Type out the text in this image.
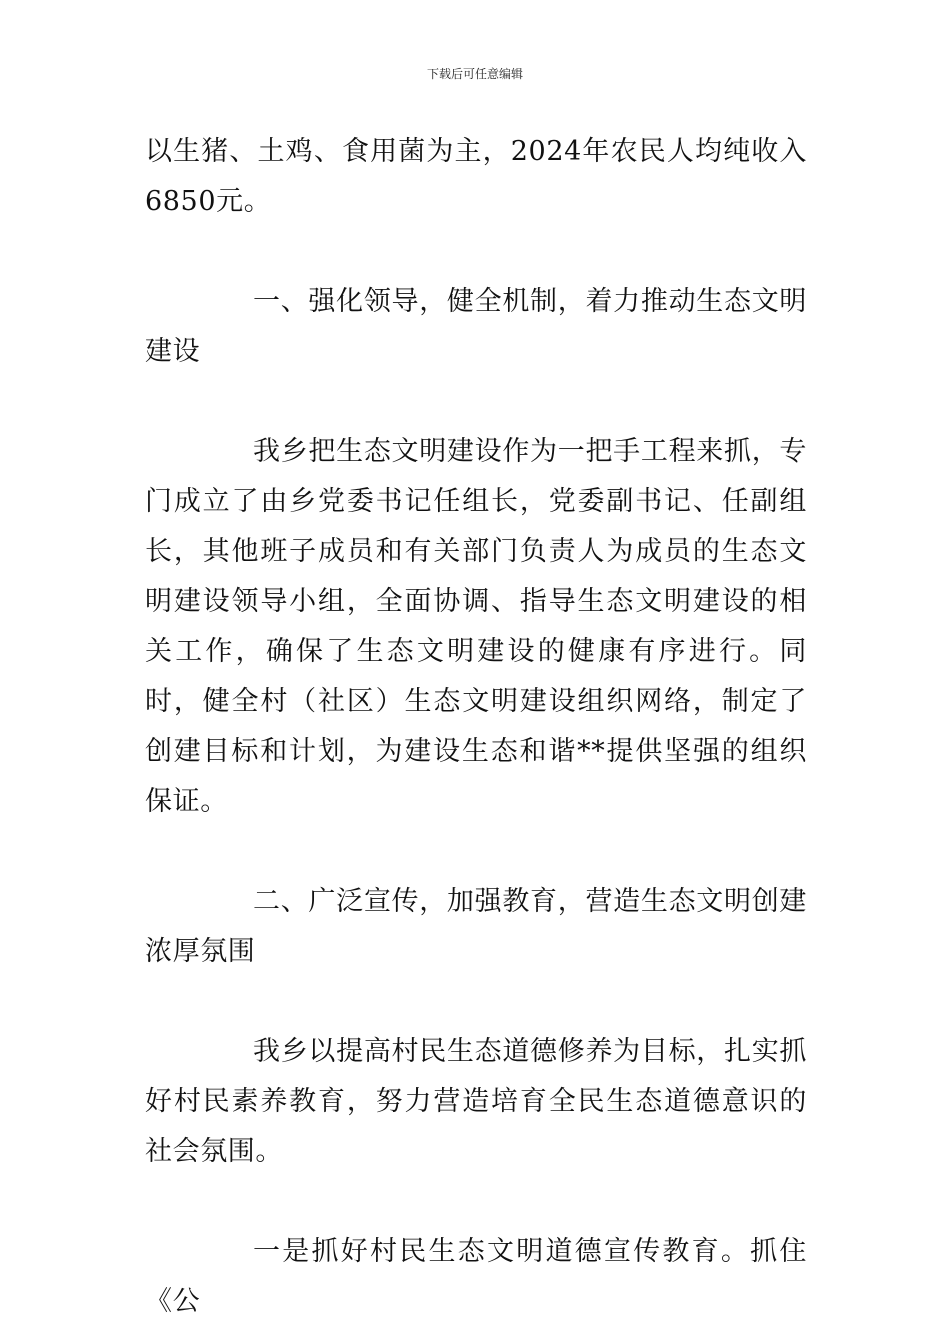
下载后可任意编辑

以生猪、土鸡、食用菌为主，2024年农民人均纯收入6850元。

一、强化领导，健全机制，着力推动生态文明建设

我乡把生态文明建设作为一把手工程来抓，专门成立了由乡党委书记任组长，党委副书记、任副组长，其他班子成员和有关部门负责人为成员的生态文明建设领导小组，全面协调、指导生态文明建设的相关工作，确保了生态文明建设的健康有序进行。同时，健全村（社区）生态文明建设组织网络，制定了创建目标和计划，为建设生态和谐**提供坚强的组织保证。

二、广泛宣传，加强教育，营造生态文明创建浓厚氛围

我乡以提高村民生态道德修养为目标，扎实抓好村民素养教育，努力营造培育全民生态道德意识的社会氛围。

一是抓好村民生态文明道德宣传教育。抓住《公
